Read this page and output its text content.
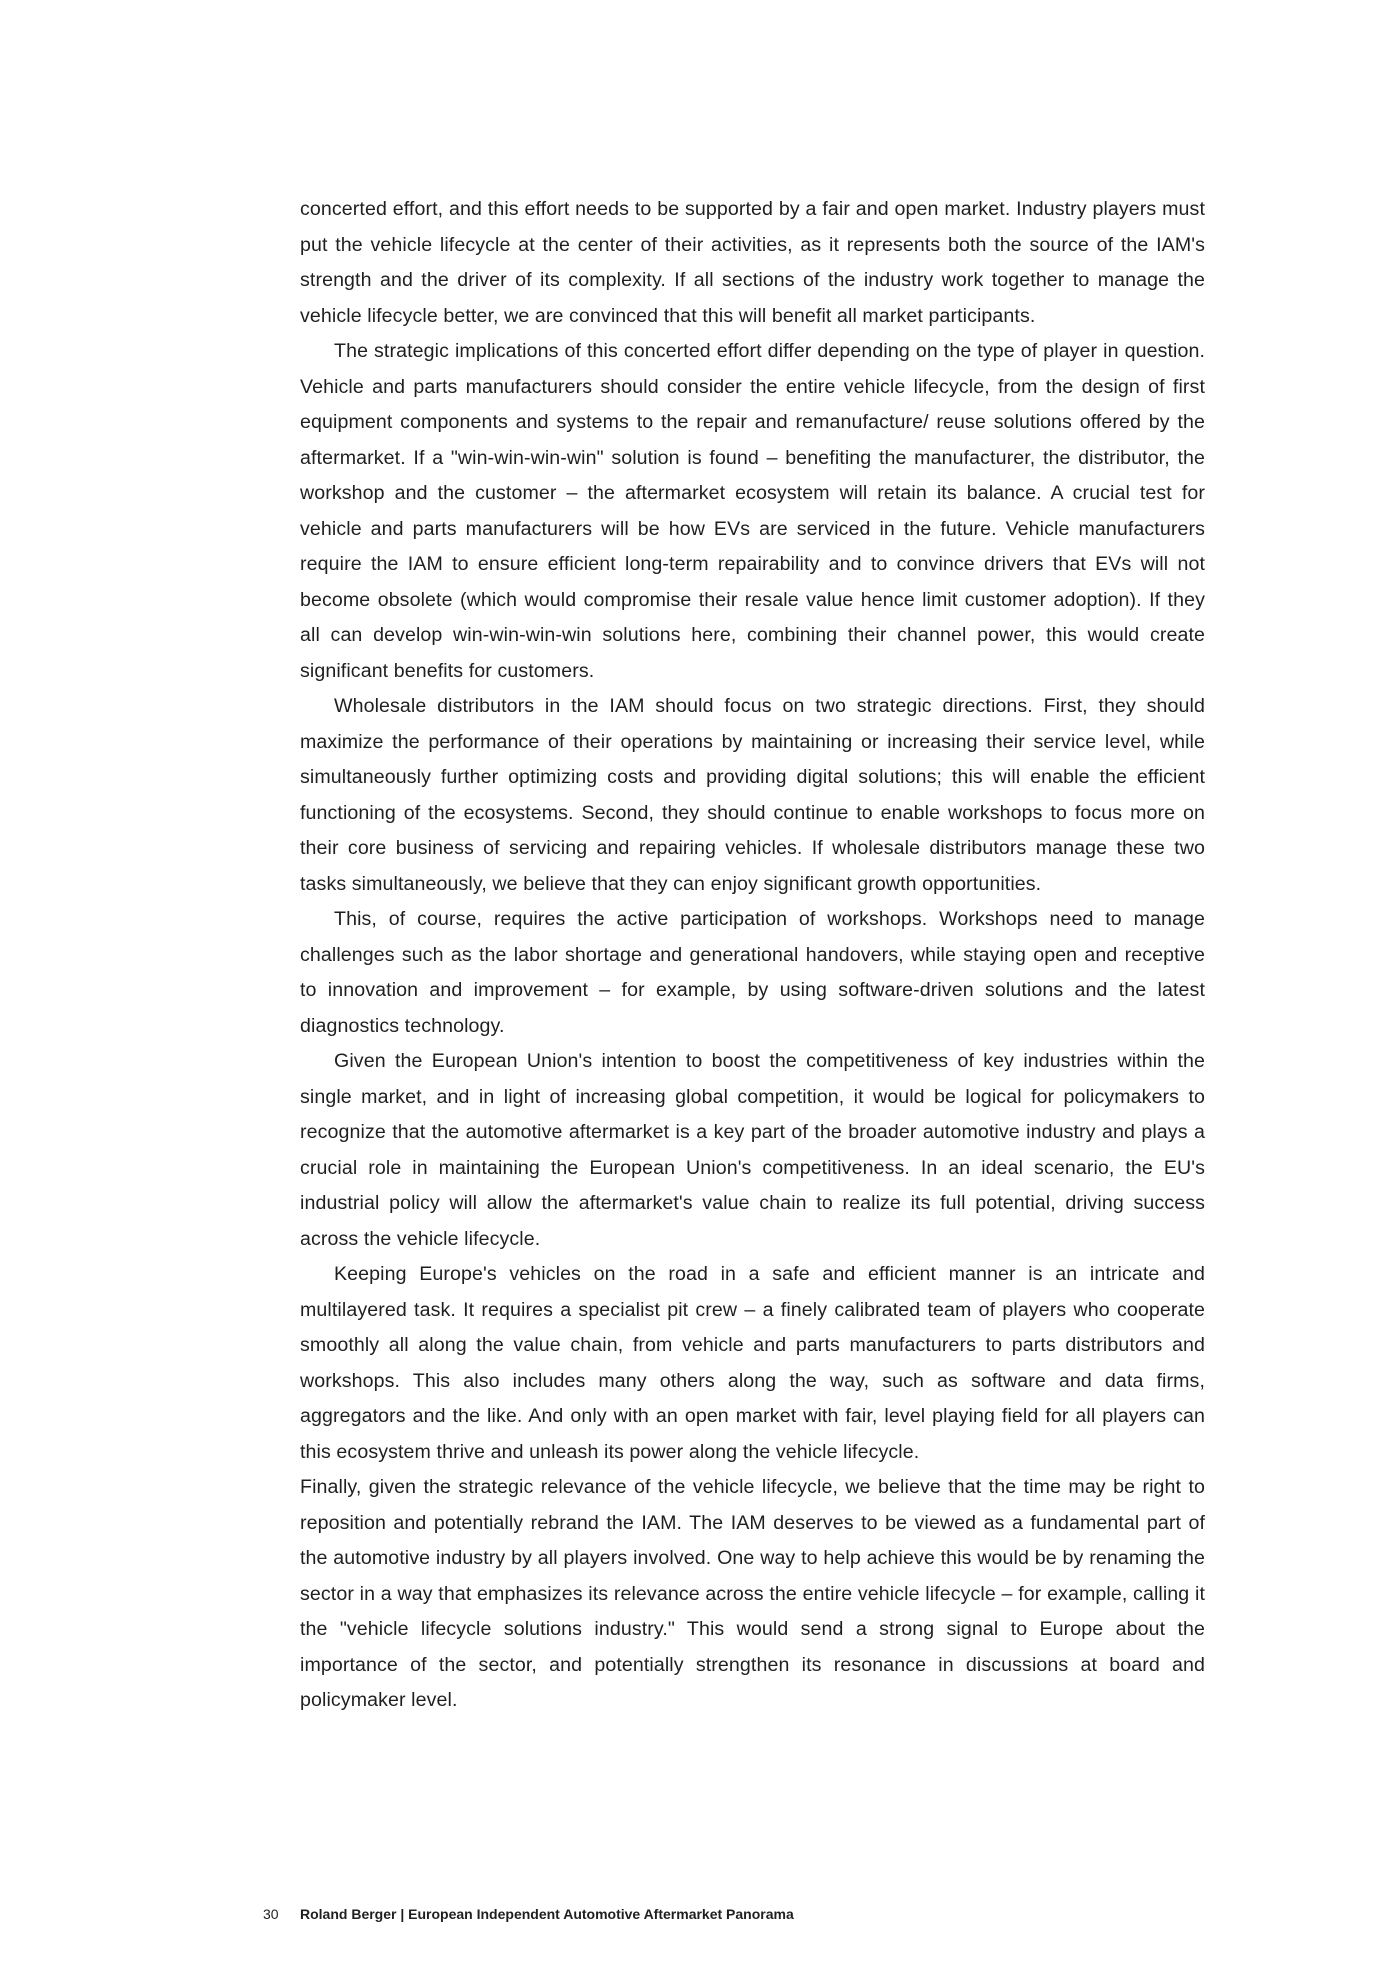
concerted effort, and this effort needs to be supported by a fair and open market. Industry players must put the vehicle lifecycle at the center of their activities, as it represents both the source of the IAM's strength and the driver of its complexity. If all sections of the industry work together to manage the vehicle lifecycle better, we are convinced that this will benefit all market participants.

The strategic implications of this concerted effort differ depending on the type of player in question. Vehicle and parts manufacturers should consider the entire vehicle lifecycle, from the design of first equipment components and systems to the repair and remanufacture/ reuse solutions offered by the aftermarket. If a "win-win-win-win" solution is found – benefiting the manufacturer, the distributor, the workshop and the customer – the aftermarket ecosystem will retain its balance. A crucial test for vehicle and parts manufacturers will be how EVs are serviced in the future. Vehicle manufacturers require the IAM to ensure efficient long-term repairability and to convince drivers that EVs will not become obsolete (which would compromise their resale value hence limit customer adoption). If they all can develop win-win-win-win solutions here, combining their channel power, this would create significant benefits for customers.

Wholesale distributors in the IAM should focus on two strategic directions. First, they should maximize the performance of their operations by maintaining or increasing their service level, while simultaneously further optimizing costs and providing digital solutions; this will enable the efficient functioning of the ecosystems. Second, they should continue to enable workshops to focus more on their core business of servicing and repairing vehicles. If wholesale distributors manage these two tasks simultaneously, we believe that they can enjoy significant growth opportunities.

This, of course, requires the active participation of workshops. Workshops need to manage challenges such as the labor shortage and generational handovers, while staying open and receptive to innovation and improvement – for example, by using software-driven solutions and the latest diagnostics technology.

Given the European Union's intention to boost the competitiveness of key industries within the single market, and in light of increasing global competition, it would be logical for policymakers to recognize that the automotive aftermarket is a key part of the broader automotive industry and plays a crucial role in maintaining the European Union's competitiveness. In an ideal scenario, the EU's industrial policy will allow the aftermarket's value chain to realize its full potential, driving success across the vehicle lifecycle.

Keeping Europe's vehicles on the road in a safe and efficient manner is an intricate and multilayered task. It requires a specialist pit crew – a finely calibrated team of players who cooperate smoothly all along the value chain, from vehicle and parts manufacturers to parts distributors and workshops. This also includes many others along the way, such as software and data firms, aggregators and the like. And only with an open market with fair, level playing field for all players can this ecosystem thrive and unleash its power along the vehicle lifecycle.

Finally, given the strategic relevance of the vehicle lifecycle, we believe that the time may be right to reposition and potentially rebrand the IAM. The IAM deserves to be viewed as a fundamental part of the automotive industry by all players involved. One way to help achieve this would be by renaming the sector in a way that emphasizes its relevance across the entire vehicle lifecycle – for example, calling it the "vehicle lifecycle solutions industry." This would send a strong signal to Europe about the importance of the sector, and potentially strengthen its resonance in discussions at board and policymaker level.

30 Roland Berger | European Independent Automotive Aftermarket Panorama
